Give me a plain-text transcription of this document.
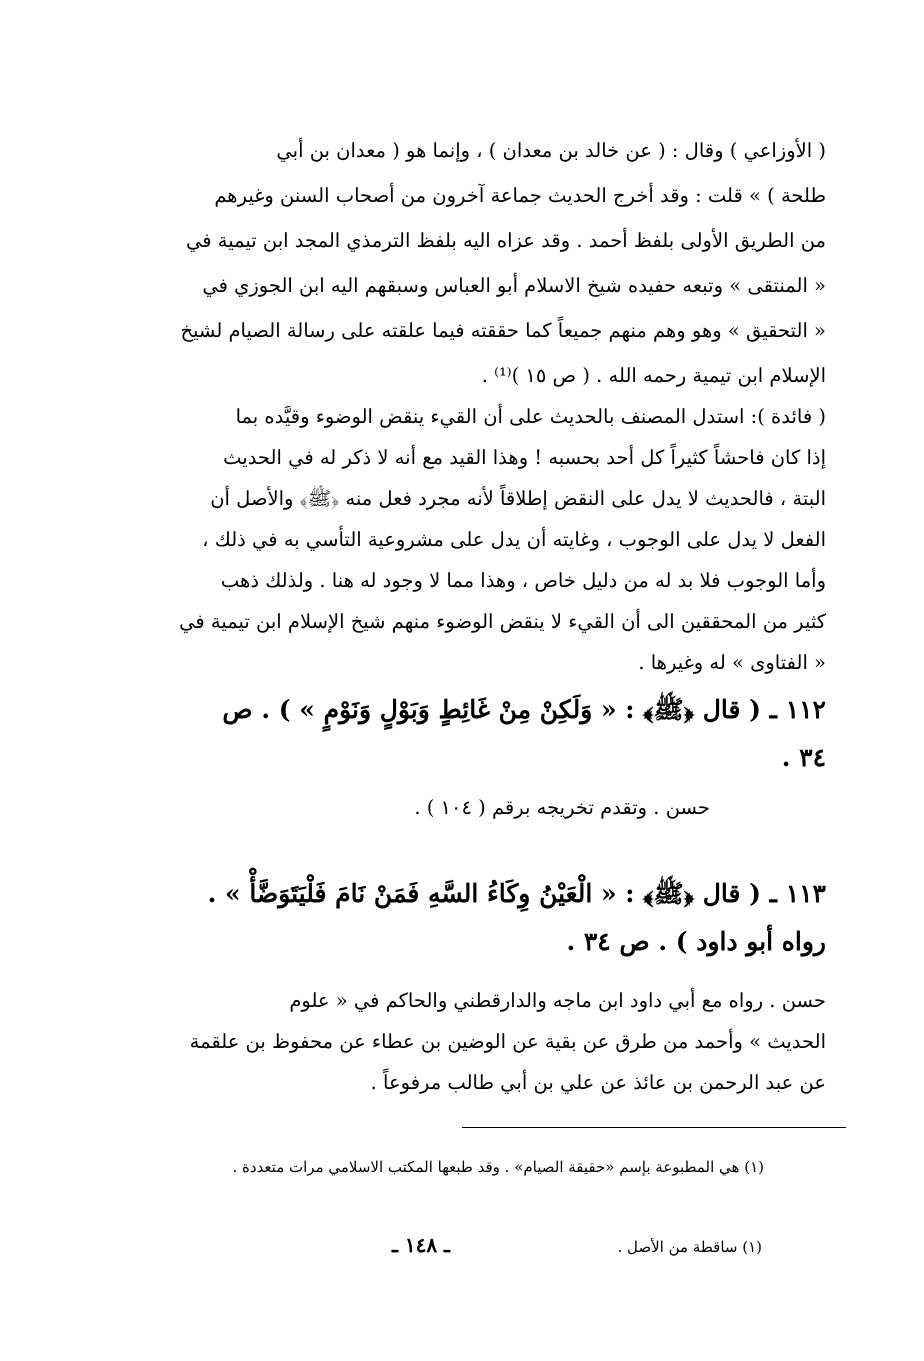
( الأوزاعي ) وقال : ( عن خالد بن معدان ) ، وإنما هو ( معدان بن أبي
طلحة ) » قلت : وقد أخرج الحديث جماعة آخرون من أصحاب السنن وغيرهم
من الطريق الأولى بلفظ أحمد . وقد عزاه اليه بلفظ الترمذي المجد ابن تيمية في
« المنتقى » وتبعه حفيده شيخ الاسلام أبو العباس وسبقهم اليه ابن الجوزي في
« التحقيق » وهو وهم منهم جميعاً كما حققته فيما علقته على رسالة الصيام لشيخ
الإسلام ابن تيمية رحمه الله . ( ص ١٥ )⁽¹⁾ .
( فائدة ): استدل المصنف بالحديث على أن القيء ينقض الوضوء وقيَّده بما
إذا كان فاحشاً كثيراً كل أحد بحسبه ! وهذا القيد مع أنه لا ذكر له في الحديث
البتة ، فالحديث لا يدل على النقض إطلاقاً لأنه مجرد فعل منه ﴿ﷺ﴾ والأصل أن
الفعل لا يدل على الوجوب ، وغايته أن يدل على مشروعية التأسي به في ذلك ،
وأما الوجوب فلا بد له من دليل خاص ، وهذا مما لا وجود له هنا . ولذلك ذهب
كثير من المحققين الى أن القيء لا ينقض الوضوء منهم شيخ الإسلام ابن تيمية في
« الفتاوى » له وغيرها .
١١٢ ـ ( قال ﴿ﷺ﴾ : « وَلَكِنْ مِنْ غَائِطٍ وَبَوْلٍ وَنَوْمٍ » ) . ص
٣٤ .
حسن . وتقدم تخريجه برقم ( ١٠٤ ) .
١١٣ ـ ( قال ﴿ﷺ﴾ : « الْعَيْنُ وِكَاءُ السَّهِ فَمَنْ نَامَ فَلْيَتَوَضَّأْ » .
رواه أبو داود ) . ص ٣٤ .
حسن . رواه مع أبي داود ابن ماجه والدارقطني والحاكم في « علوم
الحديث » وأحمد من طرق عن بقية عن الوضين بن عطاء عن محفوظ بن علقمة
عن عبد الرحمن بن عائذ عن علي بن أبي طالب مرفوعاً .
(١) هي المطبوعة بإسم «حقيقة الصيام» . وقد طبعها المكتب الاسلامي مرات متعددة .
(١) ساقطة من الأصل .
ـ ١٤٨ ـ
